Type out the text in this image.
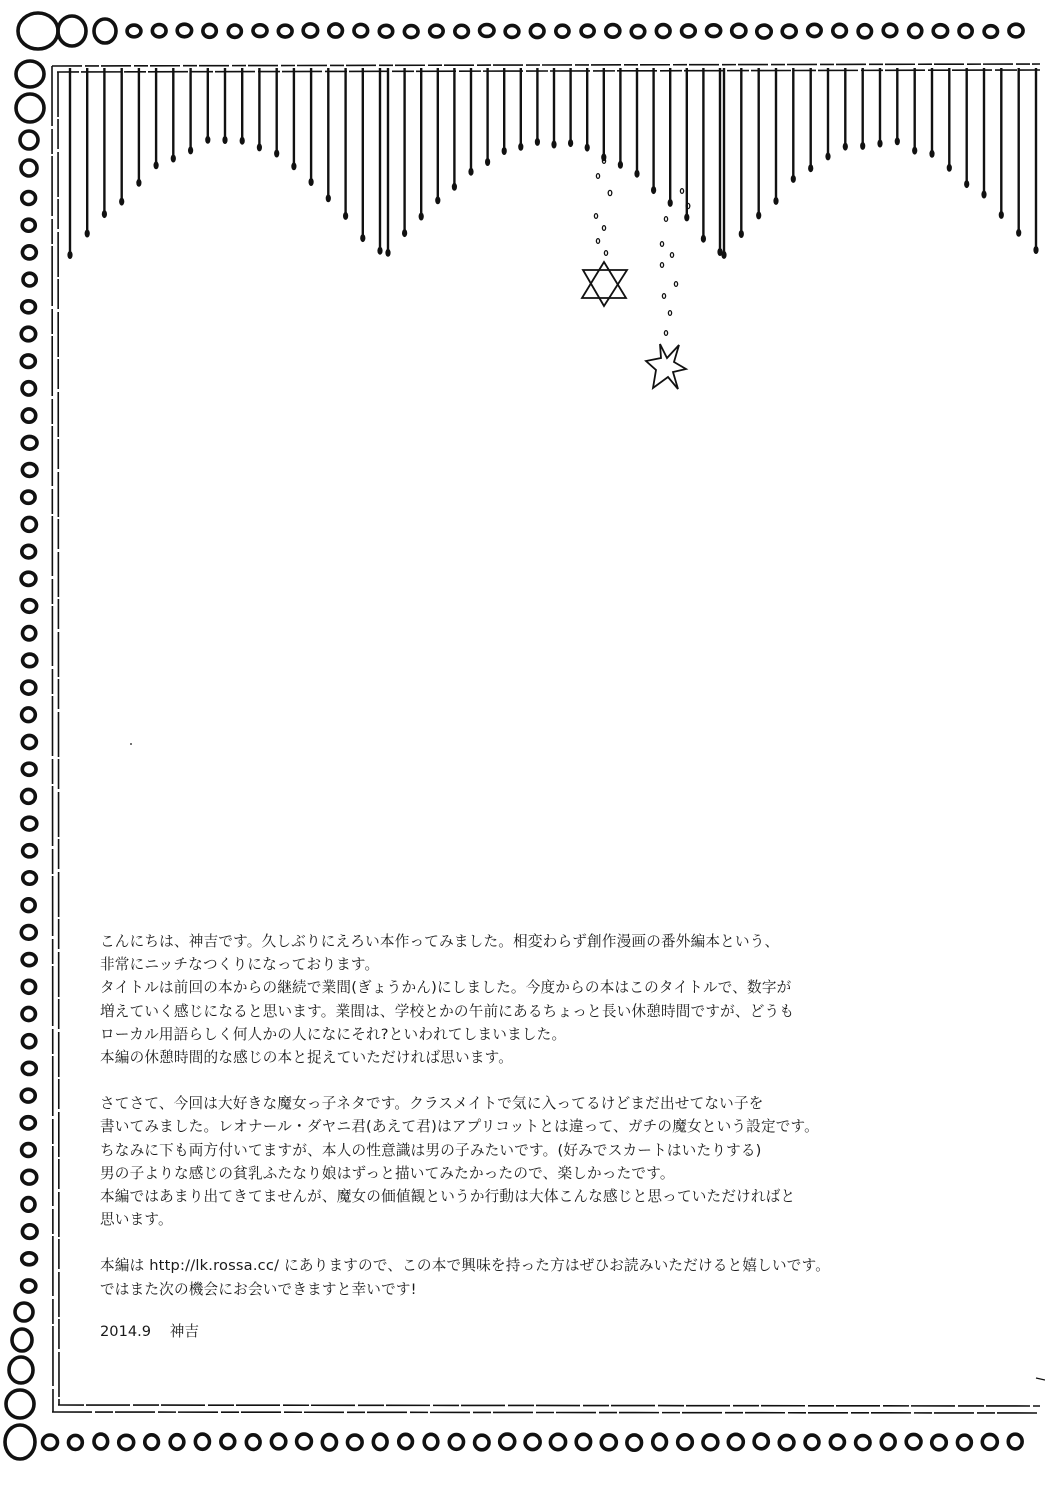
こんにちは、神吉です。久しぶりにえろい本作ってみました。相変わらず創作漫画の番外編本という、

非常にニッチなつくりになっております。

タイトルは前回の本からの継続で業間(ぎょうかん)にしました。今度からの本はこのタイトルで、数字が

増えていく感じになると思います。業間は、学校とかの午前にあるちょっと長い休憩時間ですが、どうも

ローカル用語らしく何人かの人になにそれ?といわれてしまいました。

本編の休憩時間的な感じの本と捉えていただければ思います。

さてさて、今回は大好きな魔女っ子ネタです。クラスメイトで気に入ってるけどまだ出せてない子を

書いてみました。レオナール・ダヤニ君(あえて君)はアプリコットとは違って、ガチの魔女という設定です。

ちなみに下も両方付いてますが、本人の性意識は男の子みたいです。(好みでスカートはいたりする)

男の子よりな感じの貧乳ふたなり娘はずっと描いてみたかったので、楽しかったです。

本編ではあまり出てきてませんが、魔女の価値観というか行動は大体こんな感じと思っていただければと

思います。

本編は http://lk.rossa.cc/ にありますので、この本で興味を持った方はぜひお読みいただけると嬉しいです。

ではまた次の機会にお会いできますと幸いです!

2014.9 神吉
